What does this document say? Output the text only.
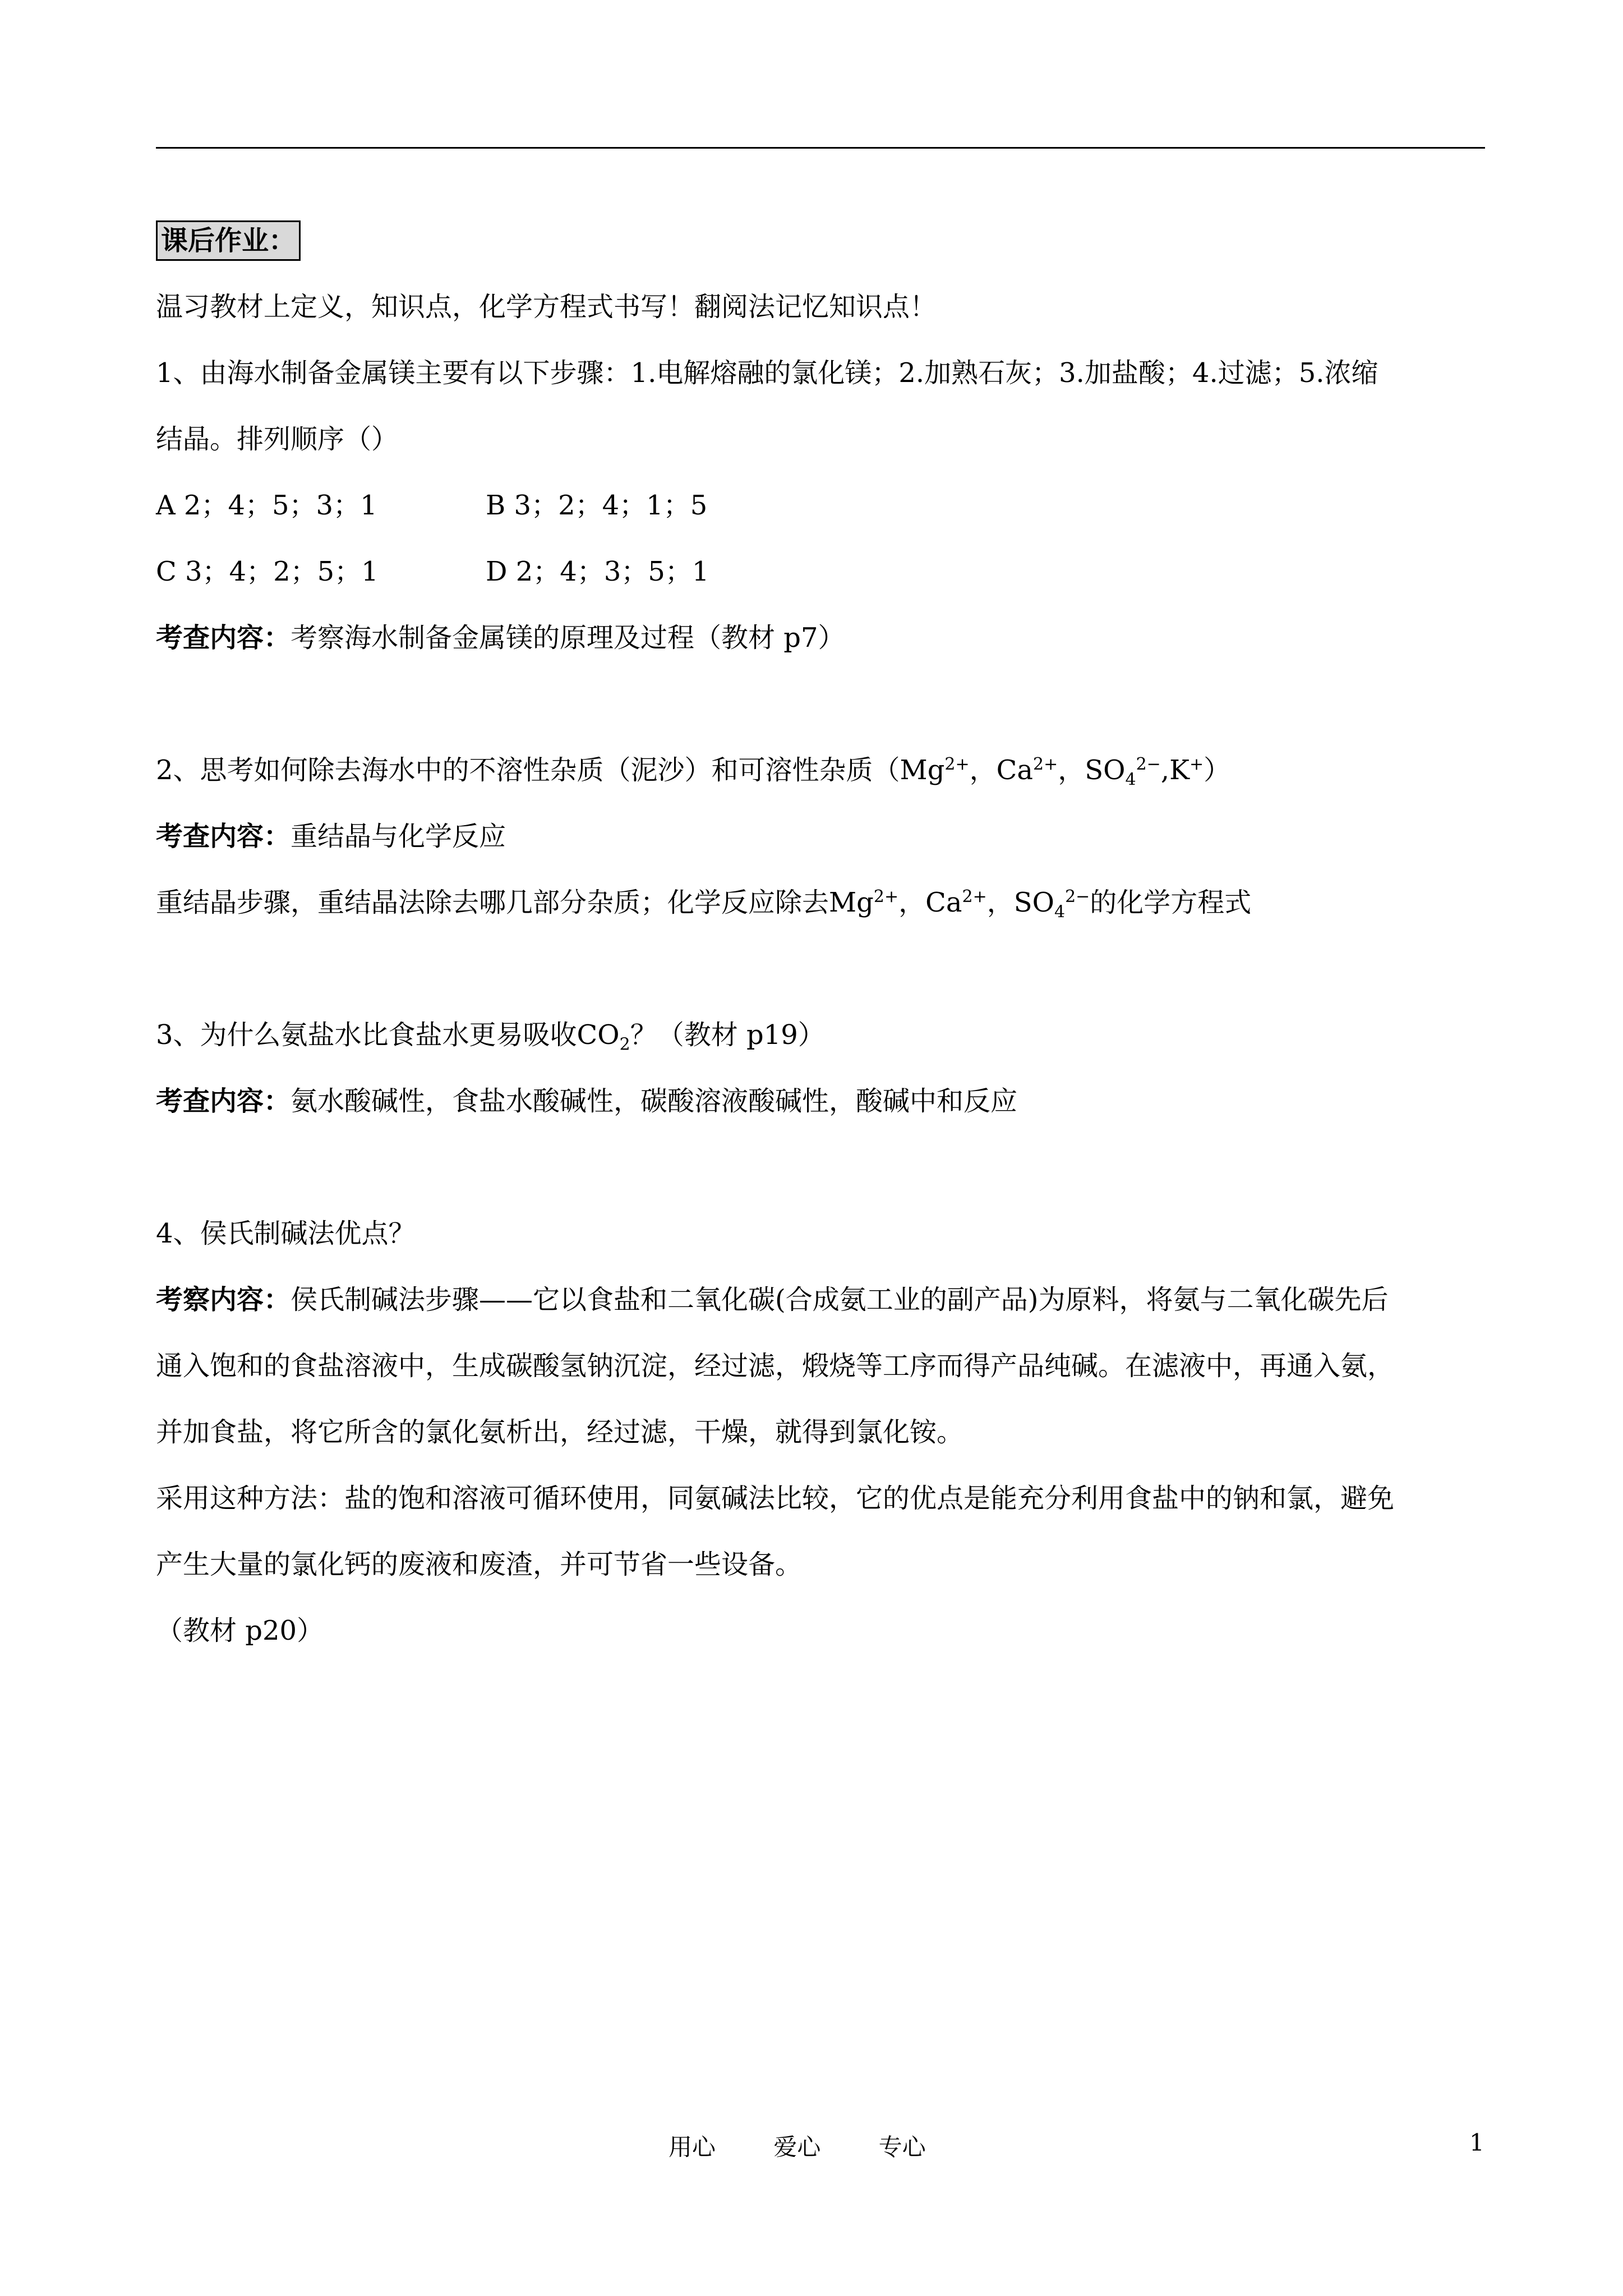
课后作业：
温习教材上定义，知识点，化学方程式书写！翻阅法记忆知识点！
1、由海水制备金属镁主要有以下步骤：1.电解熔融的氯化镁；2.加熟石灰；3.加盐酸；4.过滤；5.浓缩
结晶。排列顺序（）
A 2；4；5；3；1	B 3；2；4；1；5
C 3；4；2；5；1	D 2；4；3；5；1
考查内容：考察海水制备金属镁的原理及过程（教材 p7）
2、思考如何除去海水中的不溶性杂质（泥沙）和可溶性杂质（$Mg^{2+}$，$Ca^{2+}$，$SO_4^{2-},K^+$）
考查内容：重结晶与化学反应
重结晶步骤，重结晶法除去哪几部分杂质；化学反应除去$Mg^{2+}$，$Ca^{2+}$，$SO_4^{2-}$的化学方程式
3、为什么氨盐水比食盐水更易吸收$CO_2$？（教材 p19）
考查内容：氨水酸碱性，食盐水酸碱性，碳酸溶液酸碱性，酸碱中和反应
4、侯氏制碱法优点？
考察内容：侯氏制碱法步骤——它以食盐和二氧化碳(合成氨工业的副产品)为原料，将氨与二氧化碳先后
通入饱和的食盐溶液中，生成碳酸氢钠沉淀，经过滤，煅烧等工序而得产品纯碱。在滤液中，再通入氨，
并加食盐，将它所含的氯化氨析出，经过滤，干燥，就得到氯化铵。
采用这种方法：盐的饱和溶液可循环使用，同氨碱法比较，它的优点是能充分利用食盐中的钠和氯，避免
产生大量的氯化钙的废液和废渣，并可节省一些设备。
（教材 p20）
用心 爱心 专心	1
